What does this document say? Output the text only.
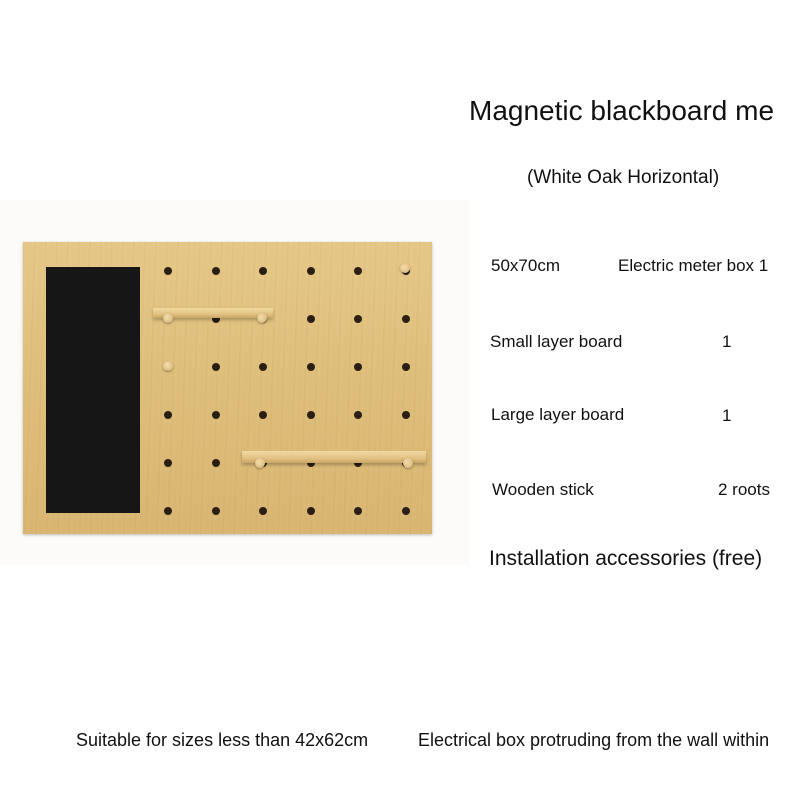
Magnetic blackboard me
(White Oak Horizontal)
50x70cm	Electric meter box 1
Small layer board	1
Large layer board	1
Wooden stick	2 roots
Installation accessories (free)
Suitable for sizes less than 42x62cm	Electrical box protruding from the wall within
